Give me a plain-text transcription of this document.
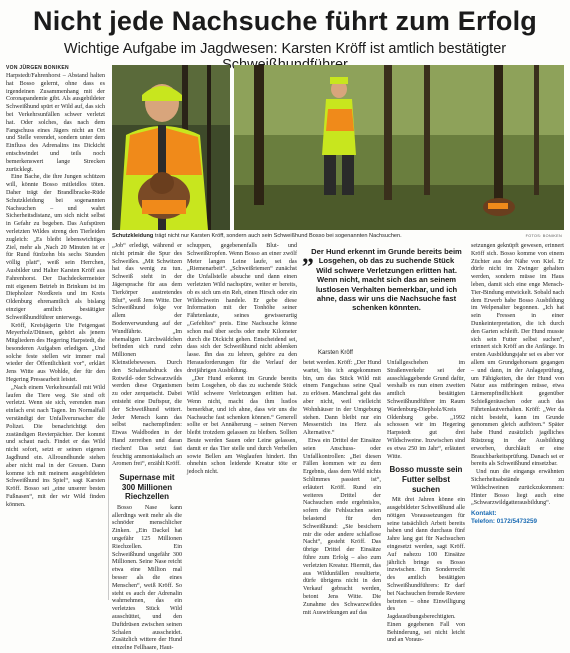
Nicht jede Nachsuche führt zum Erfolg
Wichtige Aufgabe im Jagdwesen: Karsten Kröff ist amtlich bestätigter
VON JÜRGEN BONIKEN

Harpstedt/Fahrenhorst – Abstand halten hat Bosso gelernt, ohne dass es irgendeinen Zusammenhang mit der Coronapandemie gibt. Als ausgebildeter Schweißhund spürt er Wild auf, das sich bei Verkehrsunfällen schwer verletzt hat. Oder solches, das nach dem Fangschuss eines Jägers nicht an Ort und Stelle verendet, sondern unter dem Einfluss des Adrenalins ins Dickicht entschwindet und teils noch bemerkenswert lange Strecken zurücklegt.

Eine Bache, die ihre Jungen schützen will, könnte Bosso mitleidlos töten. Daher trägt der Brandlbracke-Rüde Schutzkleidung bei sogenannten Nachsuchen – und wahrt Sicherheitsdistanz, um sich nicht selbst in Gefahr zu begeben. Das Aufspüren verletzten Wildes streng den Tierleiden zugleich: „Es bleibt lebenswichtiges Ziel, mehr als ,Nach 20 Minuten ist er für Rund fünfzehn bis sechs Stunden völlig platt“, weiß sein Herrchen, Ausbilder und Halter Karsten Kröff aus Fahrenhorst. Der Dachdeckermeister mit eigenem Betrieb in Brinkum ist im Diepholzer Nordkreis und im Kreis Oldenburg ehrenamtlich als bislang einziger amtlich bestätigter Schweißhundführer unterwegs.

Kröff, Kreisjägerin Ute Feigengast Meyerholz/Dünsen, gehört als jenem Mitgliedern des Hegering Harpstedt, die besonderen Aufgaben erledigen. „Und solche feste stellen wir immer mal wieder der Öffentlichkeit vor“, erklärt Jens Witte aus Wohlde, der für den Hegering Pressearbeit leistet.

„Nach einem Verkehrsunfall mit Wild laufen die Tiere weg. Sie sind oft verletzt. Wenn sie sich, verenden man einfach erst nach Tagen. Im Normalfall verständigt der Unfallverursacher die Polizei. Die benachrichtigt den zuständigen Revierpächter. Der kommt und schaut nach. Findet er das Wild nicht sofort, setzt er seinen eigenen Jagdhund ein. Allroundhunde stehen aber nicht mal in der Greuen. Dann komme ich mit meinem ausgebildeten Schweißhund ins Spiel“, sagt Karsten Kröff. Bosso sei „eine unserer besten Fußnasen“, mit der wir Wild finden können.

Schutzkleidung trägt nicht nur Karsten Kröff, sondern auch sein Schweißhund Bosso bei sogenannten Nachsuchen.	FOTOS: BONIKEN

„Job“ erledigt, während er nicht primär die Spur des Schweißes. „Mit Schwitzen hat das wenig zu tun. Schweiß steht in der Jägersprache für aus dem Tierkörper austretendes Blut“, weiß Jens Witte. Der Schweißhund folge vor allem der Bodenverwundung auf der Wundfährte. „Im ehemaligen Lärchwäldchen befinden sich rund zehn Millionen Kleinstlebewesen. Durch den Schalenabdruck des Rotwild- oder Schwarzwilds werden diese Organismen zu oder zerquetscht. Dabei entsteht eine Duftspur, die der Schweißhund wittert. Jeder Mensch kann das selbst nachempfinden: Etwas Waldboden in der Hand zerreiben und daran riechen! Das setzt fast feuchtig ammoniakalisch an Aromen frei“, erzählt Kröff.

Supernase mit 300 Millionen Riechzellen

Bosso Nase kann allerdings weit mehr als die schnöder menschlicher Zinken. „Ein Dackel hat ungefähr 125 Millionen Riechzellen. Ein Schweißhund ungefähr 300 Millionen. Seine Nase reicht etwa eine Million mal besser als die eines Menschen“, weiß Kröff. So steht es auch der Adrenalin wahrnehmen, das ein verletztes Stück Wild ausschüttet, und den Duftdrüsen zwischen seinen Schalen ausscheidet. Zusätzlich wittere der Hund einzelne Fellhaare, Haut-

schuppen, gegebenenfalls Blut- und Schweißtropfen. Wenn Bosso an einer zwölf Meter langen Leine laufe, sei das „Riemenarbeit“. „Schweißriemen“ zunächst die Unfallstelle absuche und dann einen verletzten Wild nachspüre, weiter er bereits, ob es sich um ein Reh, einen Hirsch oder ein Wildschwein handele. Er gebe diese Information mit der Tonhöhe seiner Fährtenlaute, seines gewisserartig „Gefehltes“ preis. Eine Nachsuche könne schon mal über sechs oder mehr Kilometer durch die Dickicht gehen. Entscheidend sei, dass sich der Schweißhund nicht ablenken lasse. Ihn das zu lehren, gehöre zu den Herausforderungen für die Verlauf der dreijährigen Ausbildung.

„Der Hund erkennt im Grunde bereits beim Losgehen, ob das zu suchende Stück Wild schwere Verletzungen erlitten hat. Wenn nicht, macht das ihm lustlos bemerkbar, und ich ahne, dass wir uns die Nachsuche fast schenken können.“ Generell sollte er bei Annäherung – seinen Nerven bleibt trotzdem gelassen zu bleiben. Sollten Beute werden Sauen oder Leine gelassen, damit er das Tier stelle und durch Verbellen sowie Bellen am Weglaufen hindert. Ihn ohnehin schon leidende Kreatur töte er jedoch nicht.

„
Der Hund erkennt im Grunde bereits beim Losgehen, ob das zu suchende Stück Wild schwere Verletzungen erlitten hat. Wenn nicht, macht sich das an seinem lustlosen Verhalten bemerkbar, und ich ahne, dass wir uns die Nachsuche fast schenken könnten.
Karsten Kröff

betet werden. Kröff: „Der Hund wartet, bis ich angekommen bin, um das Stück Wild mit einem Fangschuss seine Qual zu erlösen. Manchmal geht das aber nicht, weil vielleicht Wohnhäuser in der Umgebung stehen. Dann bleibt nur ein Messerstich ins Herz als Alternative.“

Etwa ein Drittel der Einsätze seien Anschuss- oder Unfallkontrollen: „Bei diesen Fällen kommen wir zu dem Ergebnis, dass dem Wild nichts Schlimmes passiert ist“, erläutert Kröff. Rund ein weiteres Drittel der Nachsuchen ende ergebnislos, sofern die Fehlsuchen seien belastend für den Schweißhund: „Sie besichern mir die oder andere schlaflose Nacht“, gesteht Kröff. Das übrige Drittel der Einsätze führe zum Erfolg – also zum verletzten Kreatur. Hiermit, das aus Wildunfällen resultierte, dürfe übrigens nicht in den Verkauf gebracht werden, betont Jens Witte. Die Zunahme des Schwarzwildes mit Auswirkungen auf das

Unfallgeschehen im Straßenverkehr sei der ausschlaggebende Grund dafür, weshalb es nun einen zweiten amtlich bestätigten Schweißhundführer im Raum Wardenburg-Diepholz/Kreis Oldenburg gebe. „1992 schossen wir im Hegering Harpstedt gut drei Wildschweine. Inzwischen sind es etwa 250 im Jahr“, erläutert Witte.

Bosso musste sein Futter selbst suchen

Mit drei Jahren könne ein ausgebildeter Schweißhund alle nötigen Voraussetzungen für seine tatsächlich Arbeit bereits haben und dann durchaus fünf Jahre lang gut für Nachsuchen eingesetzt werden, sagt Kröff. Auf nahezu 100 Einsätze jährlich bringe es Bosso inzwischen. Ein Sonderrecht des amtlich bestätigten Schweißhundführers: Er darf bei Nachsuchen fremde Reviere betreten – ohne Einwilligung des Jagdausübungsberechtigten. Einen gegebenen Fall von Behinderung, sei nicht leicht und an Voraus-

setzungen geknüpft gewesen, erinnert Kröff sich. Bosso komme von einem Züchter aus der Nähe von Kiel. Er dürfe nicht im Zwinger gehalten werden, sondern müsse im Haus leben, damit sich eine enge Mensch-Tier-Bindung entwickelt. Sobald nach dem Erwerb habe Bosso Ausbildung im Welpenalter begonnen. „Ich hat sein Fressen in einer Dunkeinterpretation, die ich durch den Garten schleift. Der Hund musste sich sein Futter selbst suchen“, erinnert sich Kröff an die Anfänge. In ersten Ausbildungsjahr sei es aber vor allem um Grundgehorsam gegangen – und dann, in der Anlageprüfung, um Fähigkeiten, die der Hund von Natur aus mitbringen müsse, etwa Lärmempfindlichkeit gegenüber Schießgeräuschen oder auch das Fährtenlautverhalten. Kröff: „Wer da nicht besteht, kann im Grunde genommen gleich aufhören.“ Später habe Hund zusätzlich jagdliches Rüstzeug in der Ausbildung erworben, durchläuft er eine Brauchbarkeitsprüfung. Danach sei er bereits als Schweißhund einsetzbar.

Und nun die eingangs erwähnten Sicherheitsabstände zu Wildschweinen zurückzukommen: Hinter Bosso liegt auch eine „Schwarzwildgatterausbildung“.

Kontakt:
Telefon: 0172/5473259
